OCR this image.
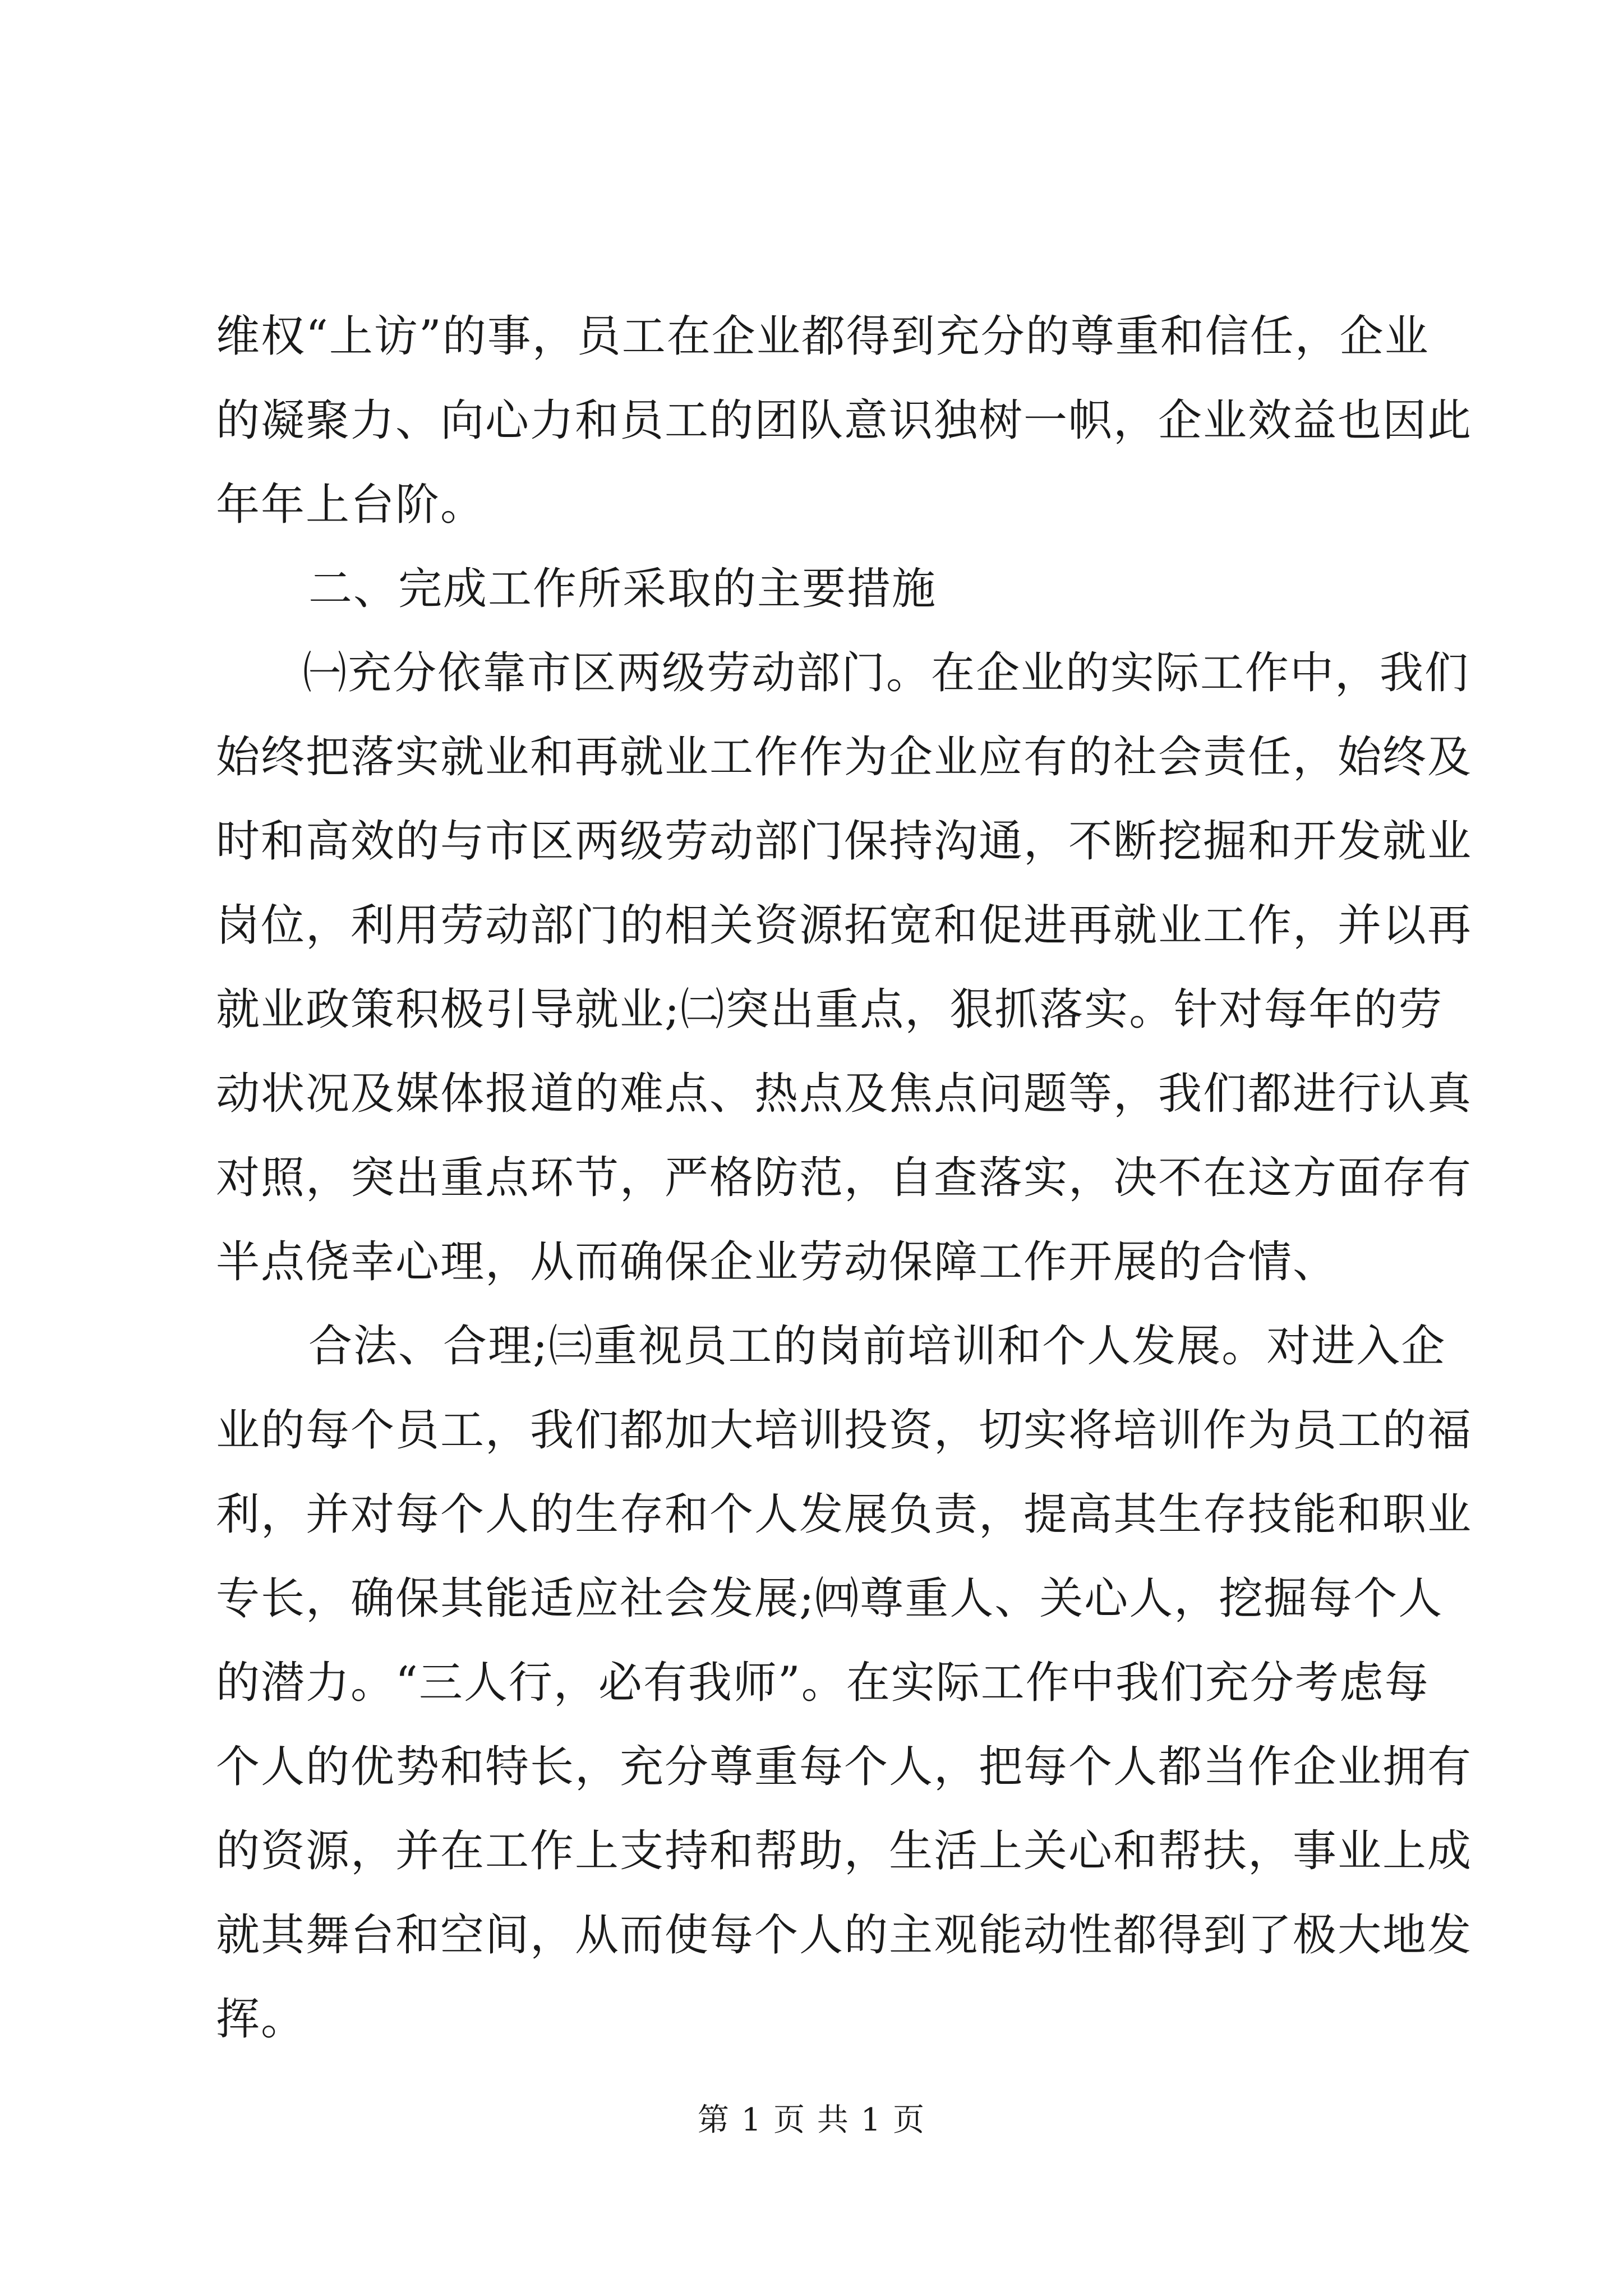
维权“上访”的事，员工在企业都得到充分的尊重和信任，企业
的凝聚力、向心力和员工的团队意识独树一帜，企业效益也因此
年年上台阶。
二、完成工作所采取的主要措施
㈠充分依靠市区两级劳动部门。在企业的实际工作中，我们
始终把落实就业和再就业工作作为企业应有的社会责任，始终及
时和高效的与市区两级劳动部门保持沟通，不断挖掘和开发就业
岗位，利用劳动部门的相关资源拓宽和促进再就业工作，并以再
就业政策积极引导就业;㈡突出重点，狠抓落实。针对每年的劳
动状况及媒体报道的难点、热点及焦点问题等，我们都进行认真
对照，突出重点环节，严格防范，自查落实，决不在这方面存有
半点侥幸心理，从而确保企业劳动保障工作开展的合情、
合法、合理;㈢重视员工的岗前培训和个人发展。对进入企
业的每个员工，我们都加大培训投资，切实将培训作为员工的福
利，并对每个人的生存和个人发展负责，提高其生存技能和职业
专长，确保其能适应社会发展;㈣尊重人、关心人，挖掘每个人
的潜力。“三人行，必有我师”。在实际工作中我们充分考虑每
个人的优势和特长，充分尊重每个人，把每个人都当作企业拥有
的资源，并在工作上支持和帮助，生活上关心和帮扶，事业上成
就其舞台和空间，从而使每个人的主观能动性都得到了极大地发
挥。
第 1 页 共 1 页
